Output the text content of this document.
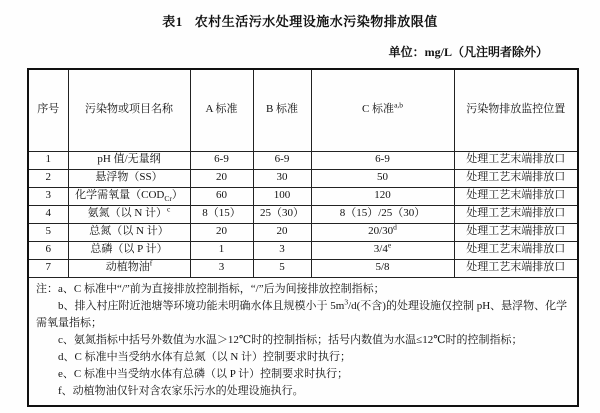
表1 农村生活污水处理设施水污染物排放限值
单位：mg/L（凡注明者除外）
序号	污染物或项目名称	A 标准	B 标准	C 标准$^{a,b}$	污染物排放监控位置
1	pH 值/无量纲	6-9	6-9	6-9	处理工艺末端排放口
2	悬浮物（SS）	20	30	50	处理工艺末端排放口
3	化学需氧量$(COD_{Cr})$	60	100	120	处理工艺末端排放口
4	氨氮（以 N 计）$^c$	8（15）	25（30）	8（15）/25（30）	处理工艺末端排放口
5	总氮（以 N 计）	20	20	20/30$^d$	处理工艺末端排放口
6	总磷（以 P 计）	1	3	3/4e	处理工艺末端排放口
7	动植物油$^f$	3	5	5/8	处理工艺末端排放口

注：a、C 标准中“/”前为直接排放控制指标，“/”后为间接排放控制指标；

b、排入村庄附近池塘等环境功能未明确水体且规模小于 5m$^3$/d(不含)的处理设施仅控制 pH、悬浮物、化学需氧量指标；

c、氨氮指标中括号外数值为水温＞12℃时的控制指标；括号内数值为水温≤12℃时的控制指标；

d、C 标准中当受纳水体有总氮（以 N 计）控制要求时执行；

e、C 标准中当受纳水体有总磷（以 P 计）控制要求时执行；

f、动植物油仅针对含农家乐污水的处理设施执行。
